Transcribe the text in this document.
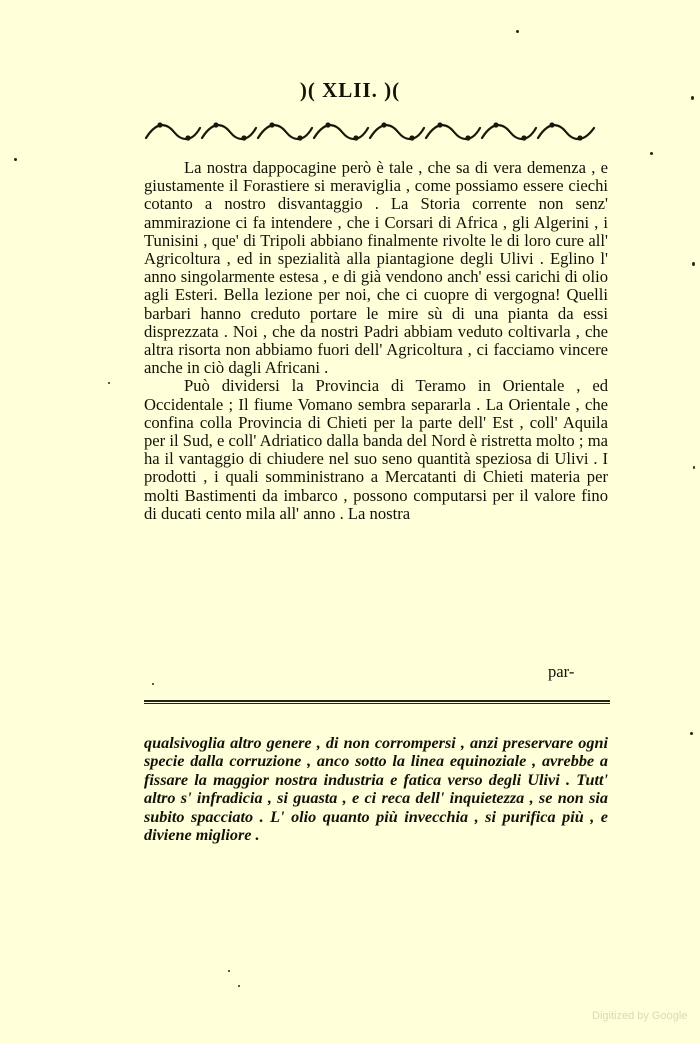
)( XLII. )(

La nostra dappocagine però è tale , che sa di vera demenza , e giustamente il Forastiere si meraviglia , come possiamo essere ciechi cotanto a nostro disvantaggio . La Storia corrente non senz' ammirazione ci fa intendere , che i Corsari di Africa , gli Algerini , i Tunisini , que' di Tripoli abbiano finalmente rivolte le di loro cure all' Agricoltura , ed in spezialità alla piantagione degli Ulivi . Eglino l' anno singolarmente estesa , e di già vendono anch' essi carichi di olio agli Esteri. Bella lezione per noi, che ci cuopre di vergogna! Quelli barbari hanno creduto portare le mire sù di una pianta da essi disprezzata . Noi , che da nostri Padri abbiam veduto coltivarla , che altra risorta non abbiamo fuori dell' Agricoltura , ci facciamo vincere anche in ciò dagli Africani .

Può dividersi la Provincia di Teramo in Orientale , ed Occidentale ; Il fiume Vomano sembra separarla . La Orientale , che confina colla Provincia di Chieti per la parte dell' Est , coll' Aquila per il Sud, e coll' Adriatico dalla banda del Nord è ristretta molto ; ma ha il vantaggio di chiudere nel suo seno quantità speziosa di Ulivi . I prodotti , i quali somministrano a Mercatanti di Chieti materia per molti Bastimenti da imbarco , possono computarsi per il valore fino di ducati cento mila all' anno . La nostra

par-
qualsivoglia altro genere , di non corrompersi , anzi preservare ogni specie dalla corruzione , anco sotto la linea equinoziale , avrebbe a fissare la maggior nostra industria e fatica verso degli Ulivi . Tutt' altro s' infradicia , si guasta , e ci reca dell' inquietezza , se non sia subito spacciato . L' olio quanto più invecchia , si purifica più , e diviene migliore .
Digitized by Google
